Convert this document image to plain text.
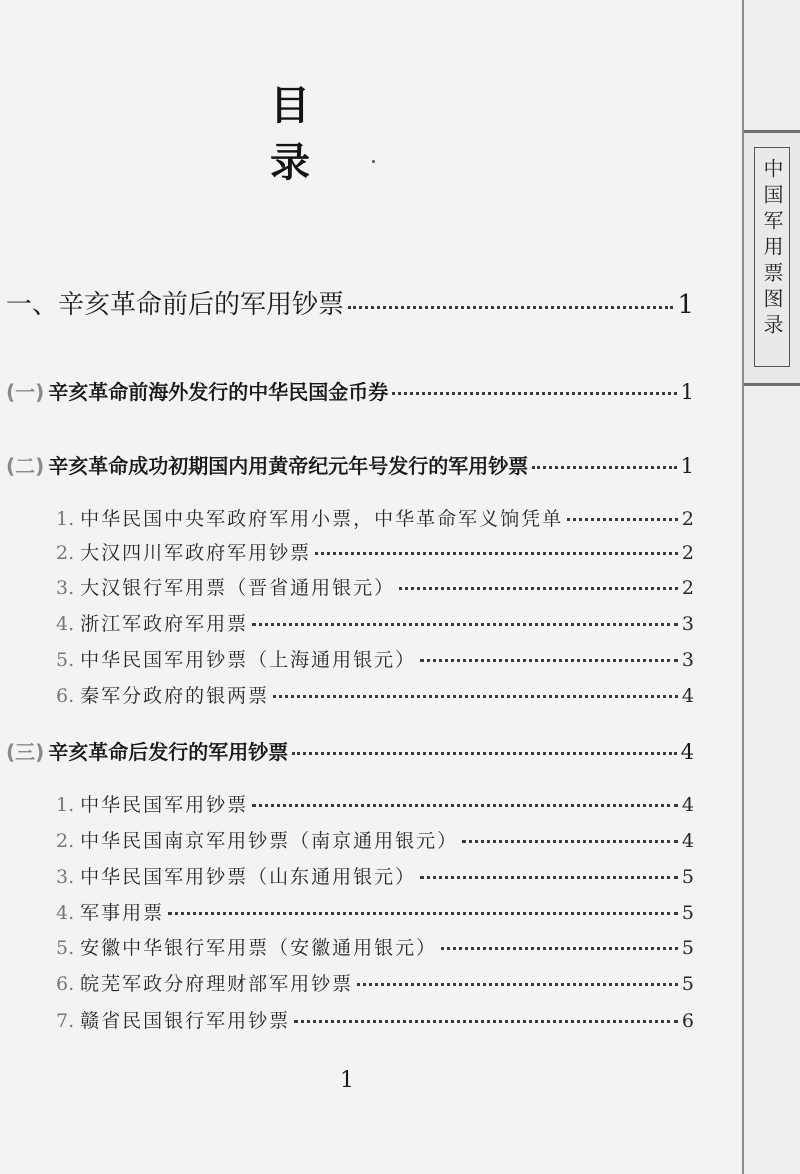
中国军用票图录
目 录
一、辛亥革命前后的军用钞票	1
(一) 辛亥革命前海外发行的中华民国金币券	1
(二) 辛亥革命成功初期国内用黄帝纪元年号发行的军用钞票	1
1. 中华民国中央军政府军用小票，中华革命军义饷凭单	2
2. 大汉四川军政府军用钞票	2
3. 大汉银行军用票（晋省通用银元）	2
4. 浙江军政府军用票	3
5. 中华民国军用钞票（上海通用银元）	3
6. 秦军分政府的银两票	4
(三) 辛亥革命后发行的军用钞票	4
1. 中华民国军用钞票	4
2. 中华民国南京军用钞票（南京通用银元）	4
3. 中华民国军用钞票（山东通用银元）	5
4. 军事用票	5
5. 安徽中华银行军用票（安徽通用银元）	5
6. 皖芜军政分府理财部军用钞票	5
7. 赣省民国银行军用钞票	6
1
